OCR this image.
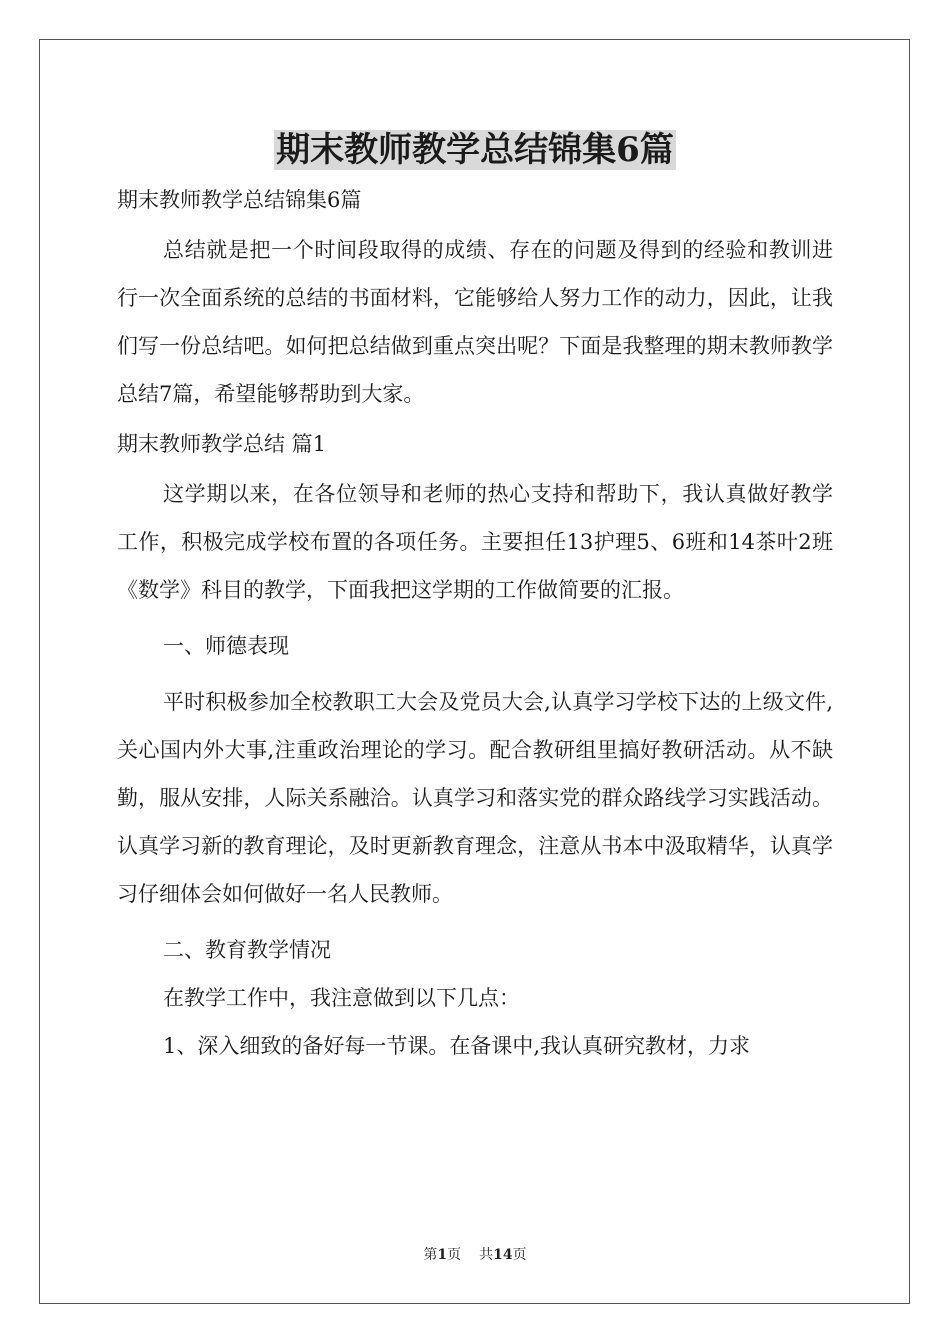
期末教师教学总结锦集6篇

期末教师教学总结锦集6篇

总结就是把一个时间段取得的成绩、存在的问题及得到的经验和教训进行一次全面系统的总结的书面材料，它能够给人努力工作的动力，因此，让我们写一份总结吧。如何把总结做到重点突出呢？下面是我整理的期末教师教学总结7篇，希望能够帮助到大家。

期末教师教学总结 篇1

这学期以来，在各位领导和老师的热心支持和帮助下，我认真做好教学工作，积极完成学校布置的各项任务。主要担任13护理5、6班和14茶叶2班《数学》科目的教学，下面我把这学期的工作做简要的汇报。

一、师德表现

平时积极参加全校教职工大会及党员大会,认真学习学校下达的上级文件,关心国内外大事,注重政治理论的学习。配合教研组里搞好教研活动。从不缺勤，服从安排，人际关系融洽。认真学习和落实党的群众路线学习实践活动。认真学习新的教育理论，及时更新教育理念，注意从书本中汲取精华，认真学习仔细体会如何做好一名人民教师。

二、教育教学情况

在教学工作中，我注意做到以下几点：

1、深入细致的备好每一节课。在备课中,我认真研究教材，力求

第1页 共14页
